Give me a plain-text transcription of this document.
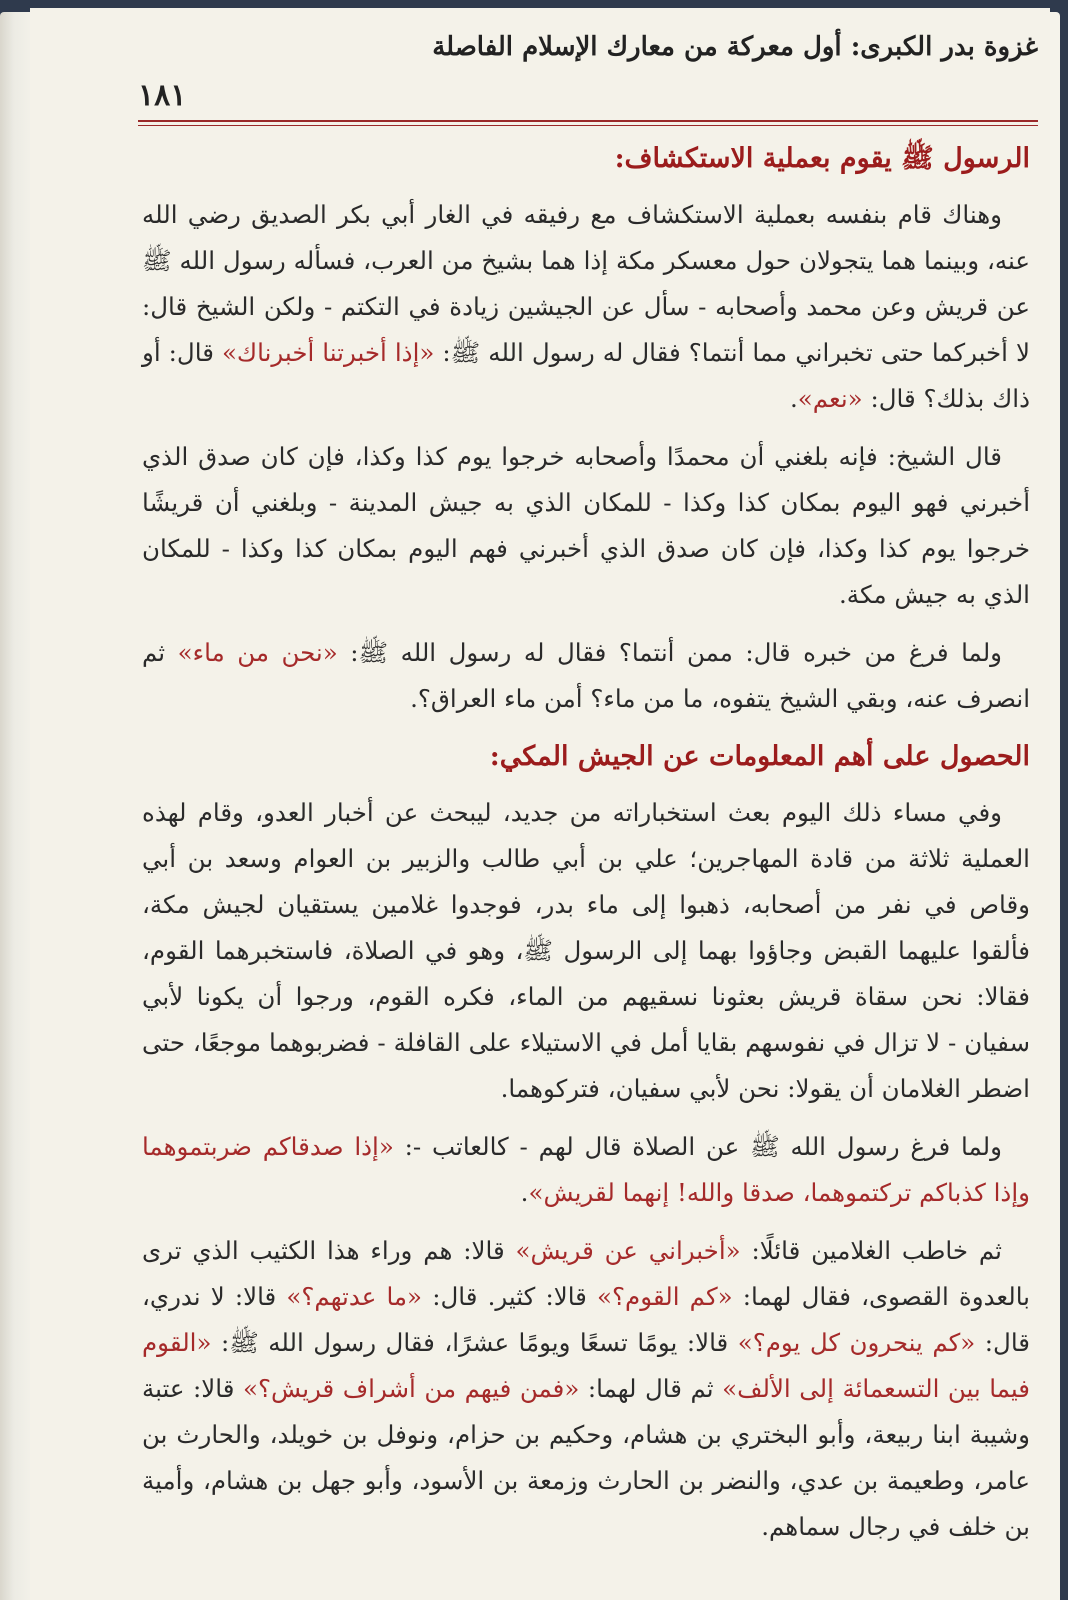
غزوة بدر الكبرى: أول معركة من معارك الإسلام الفاصلة
١٨١
الرسول ﷺ يقوم بعملية الاستكشاف:

وهناك قام بنفسه بعملية الاستكشاف مع رفيقه في الغار أبي بكر الصديق رضي الله عنه، وبينما هما يتجولان حول معسكر مكة إذا هما بشيخ من العرب، فسأله رسول الله ﷺ عن قريش وعن محمد وأصحابه - سأل عن الجيشين زيادة في التكتم - ولكن الشيخ قال: لا أخبركما حتى تخبراني مما أنتما؟ فقال له رسول الله ﷺ: «إذا أخبرتنا أخبرناك» قال: أو ذاك بذلك؟ قال: «نعم».

قال الشيخ: فإنه بلغني أن محمدًا وأصحابه خرجوا يوم كذا وكذا، فإن كان صدق الذي أخبرني فهو اليوم بمكان كذا وكذا - للمكان الذي به جيش المدينة - وبلغني أن قريشًا خرجوا يوم كذا وكذا، فإن كان صدق الذي أخبرني فهم اليوم بمكان كذا وكذا - للمكان الذي به جيش مكة.

ولما فرغ من خبره قال: ممن أنتما؟ فقال له رسول الله ﷺ: «نحن من ماء» ثم انصرف عنه، وبقي الشيخ يتفوه، ما من ماء؟ أمن ماء العراق؟.

الحصول على أهم المعلومات عن الجيش المكي:

وفي مساء ذلك اليوم بعث استخباراته من جديد، ليبحث عن أخبار العدو، وقام لهذه العملية ثلاثة من قادة المهاجرين؛ علي بن أبي طالب والزبير بن العوام وسعد بن أبي وقاص في نفر من أصحابه، ذهبوا إلى ماء بدر، فوجدوا غلامين يستقيان لجيش مكة، فألقوا عليهما القبض وجاؤوا بهما إلى الرسول ﷺ، وهو في الصلاة، فاستخبرهما القوم، فقالا: نحن سقاة قريش بعثونا نسقيهم من الماء، فكره القوم، ورجوا أن يكونا لأبي سفيان - لا تزال في نفوسهم بقايا أمل في الاستيلاء على القافلة - فضربوهما موجعًا، حتى اضطر الغلامان أن يقولا: نحن لأبي سفيان، فتركوهما.

ولما فرغ رسول الله ﷺ عن الصلاة قال لهم - كالعاتب -: «إذا صدقاكم ضربتموهما وإذا كذباكم تركتموهما، صدقا والله! إنهما لقريش».

ثم خاطب الغلامين قائلًا: «أخبراني عن قريش» قالا: هم وراء هذا الكثيب الذي ترى بالعدوة القصوى، فقال لهما: «كم القوم؟» قالا: كثير. قال: «ما عدتهم؟» قالا: لا ندري، قال: «كم ينحرون كل يوم؟» قالا: يومًا تسعًا ويومًا عشرًا، فقال رسول الله ﷺ: «القوم فيما بين التسعمائة إلى الألف» ثم قال لهما: «فمن فيهم من أشراف قريش؟» قالا: عتبة وشيبة ابنا ربيعة، وأبو البختري بن هشام، وحكيم بن حزام، ونوفل بن خويلد، والحارث بن عامر، وطعيمة بن عدي، والنضر بن الحارث وزمعة بن الأسود، وأبو جهل بن هشام، وأمية بن خلف في رجال سماهم.
